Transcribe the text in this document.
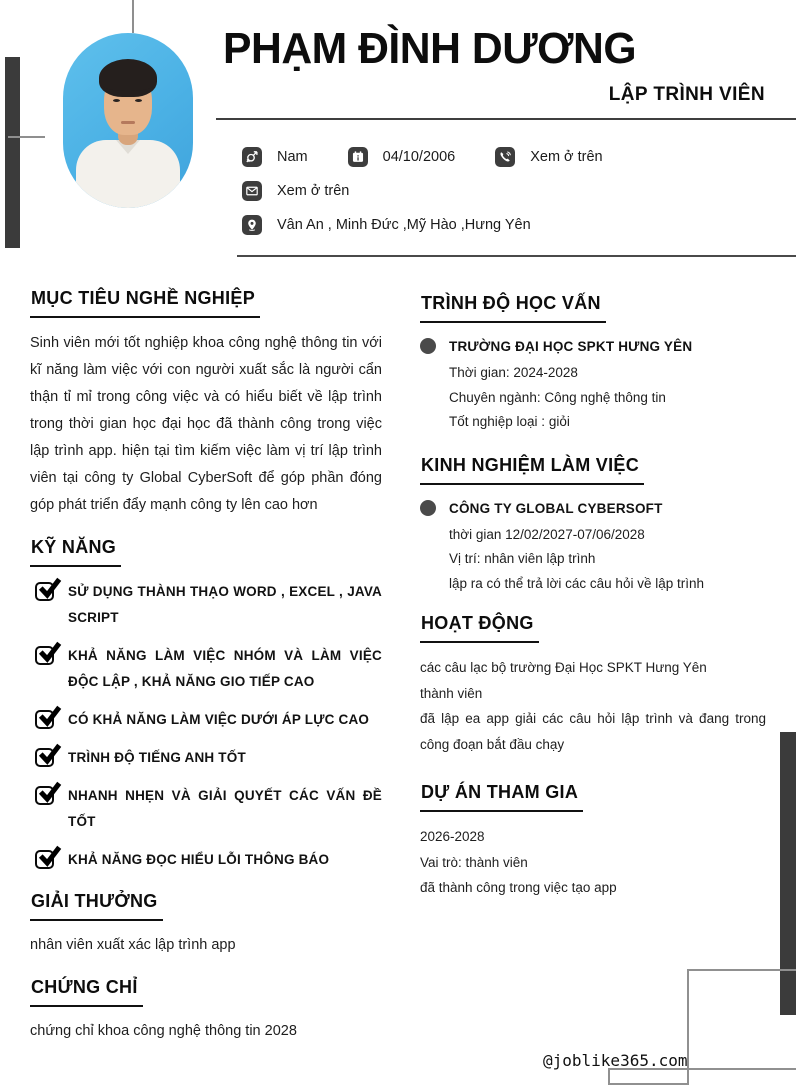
PHẠM ĐÌNH DƯƠNG
LẬP TRÌNH VIÊN
Nam	04/10/2006	Xem ở trên
Xem ở trên
Vân An , Minh Đức ,Mỹ Hào ,Hưng Yên
MỤC TIÊU NGHỀ NGHIỆP
Sinh viên mới tốt nghiệp khoa công nghệ thông tin với kĩ năng làm việc với con người xuất sắc là người cẩn thận tỉ mỉ trong công việc và có hiểu biết về lập trình trong thời gian học đại học đã thành công trong việc lập trình app. hiện tại tìm kiếm việc làm vị trí lập trình viên tại công ty Global CyberSoft để góp phần đóng góp phát triển đẩy mạnh công ty lên cao hơn
KỸ NĂNG
SỬ DỤNG THÀNH THẠO WORD , EXCEL , JAVA SCRIPT
KHẢ NĂNG LÀM VIỆC NHÓM VÀ LÀM VIỆC ĐỘC LẬP , KHẢ NĂNG GIO TIẾP CAO
CÓ KHẢ NĂNG LÀM VIỆC DƯỚI ÁP LỰC CAO
TRÌNH ĐỘ TIẾNG ANH TỐT
NHANH NHẸN VÀ GIẢI QUYẾT CÁC VẤN ĐỀ TỐT
KHẢ NĂNG ĐỌC HIỂU LỖI THÔNG BÁO
GIẢI THƯỞNG
nhân viên xuất xác lập trình app
CHỨNG CHỈ
chứng chỉ khoa công nghệ thông tin 2028
TRÌNH ĐỘ HỌC VẤN
TRƯỜNG ĐẠI HỌC SPKT HƯNG YÊN
Thời gian: 2024-2028
Chuyên ngành: Công nghệ thông tin
Tốt nghiệp loại : giỏi
KINH NGHIỆM LÀM VIỆC
CÔNG TY GLOBAL CYBERSOFT
thời gian 12/02/2027-07/06/2028
Vị trí: nhân viên lập trình
lập ra có thể trả lời các câu hỏi về lập trình
HOẠT ĐỘNG
các câu lạc bộ trường Đại Học SPKT Hưng Yên
thành viên
đã lập ea app giải các câu hỏi lập trình và đang trong công đoạn bắt đầu chạy
DỰ ÁN THAM GIA
2026-2028
Vai trò: thành viên
đã thành công trong việc tạo app
@joblike365.com
